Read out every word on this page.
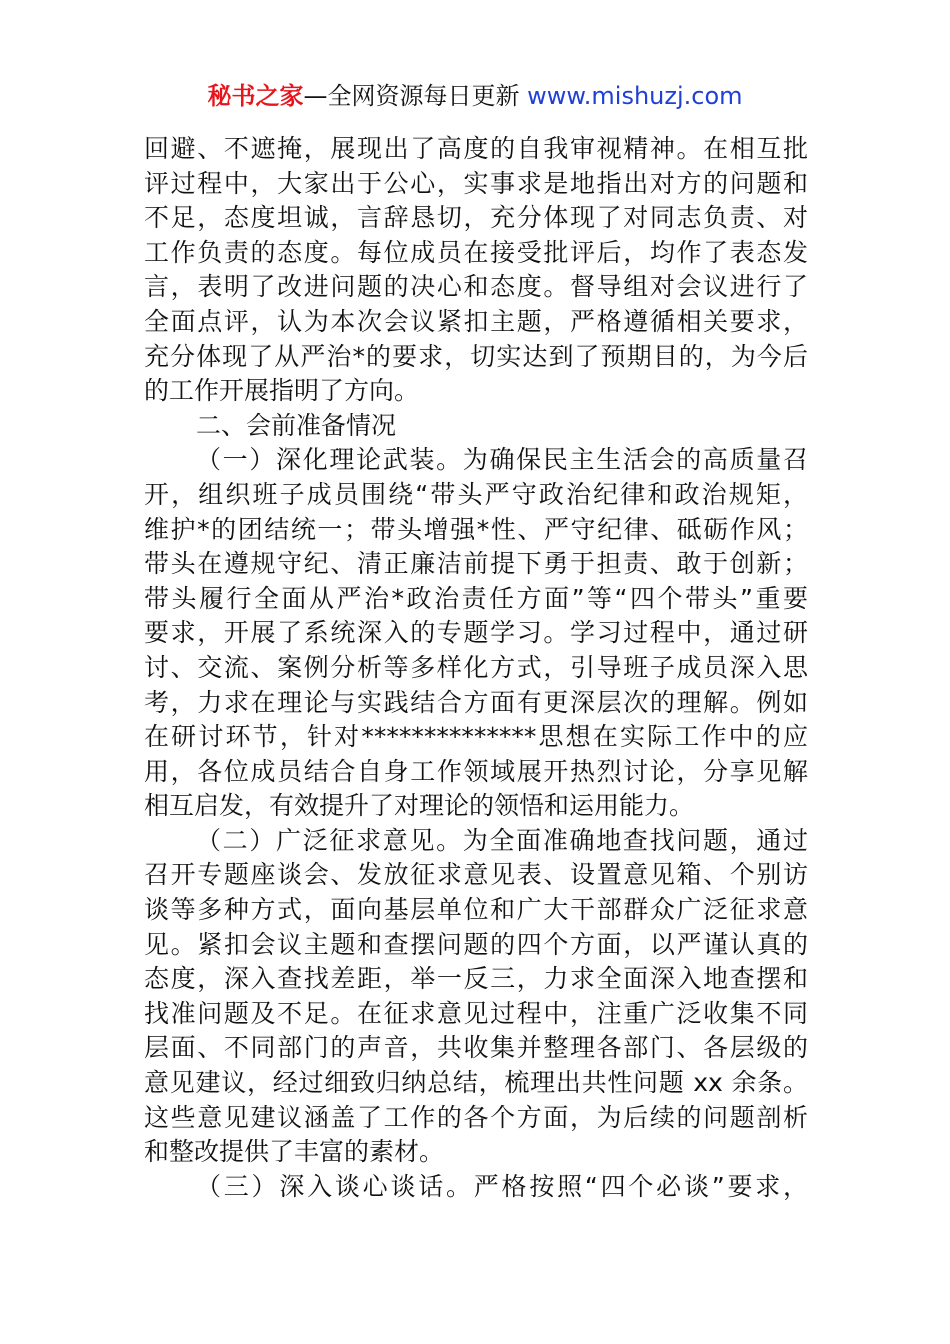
秘书之家—全网资源每日更新 www.mishuzj.com
回避、不遮掩，展现出了高度的自我审视精神。在相互批
评过程中，大家出于公心，实事求是地指出对方的问题和
不足，态度坦诚，言辞恳切，充分体现了对同志负责、对
工作负责的态度。每位成员在接受批评后，均作了表态发
言，表明了改进问题的决心和态度。督导组对会议进行了
全面点评，认为本次会议紧扣主题，严格遵循相关要求，
充分体现了从严治*的要求，切实达到了预期目的，为今后
的工作开展指明了方向。
二、会前准备情况
（一）深化理论武装。为确保民主生活会的高质量召
开，组织班子成员围绕“带头严守政治纪律和政治规矩，
维护*的团结统一；带头增强*性、严守纪律、砥砺作风；
带头在遵规守纪、清正廉洁前提下勇于担责、敢于创新；
带头履行全面从严治*政治责任方面”等“四个带头”重要
要求，开展了系统深入的专题学习。学习过程中，通过研
讨、交流、案例分析等多样化方式，引导班子成员深入思
考，力求在理论与实践结合方面有更深层次的理解。例如
在研讨环节，针对**************思想在实际工作中的应
用，各位成员结合自身工作领域展开热烈讨论，分享见解
相互启发，有效提升了对理论的领悟和运用能力。
（二）广泛征求意见。为全面准确地查找问题，通过
召开专题座谈会、发放征求意见表、设置意见箱、个别访
谈等多种方式，面向基层单位和广大干部群众广泛征求意
见。紧扣会议主题和查摆问题的四个方面，以严谨认真的
态度，深入查找差距，举一反三，力求全面深入地查摆和
找准问题及不足。在征求意见过程中，注重广泛收集不同
层面、不同部门的声音，共收集并整理各部门、各层级的
意见建议，经过细致归纳总结，梳理出共性问题 xx 余条。
这些意见建议涵盖了工作的各个方面，为后续的问题剖析
和整改提供了丰富的素材。
（三）深入谈心谈话。严格按照“四个必谈”要求，
